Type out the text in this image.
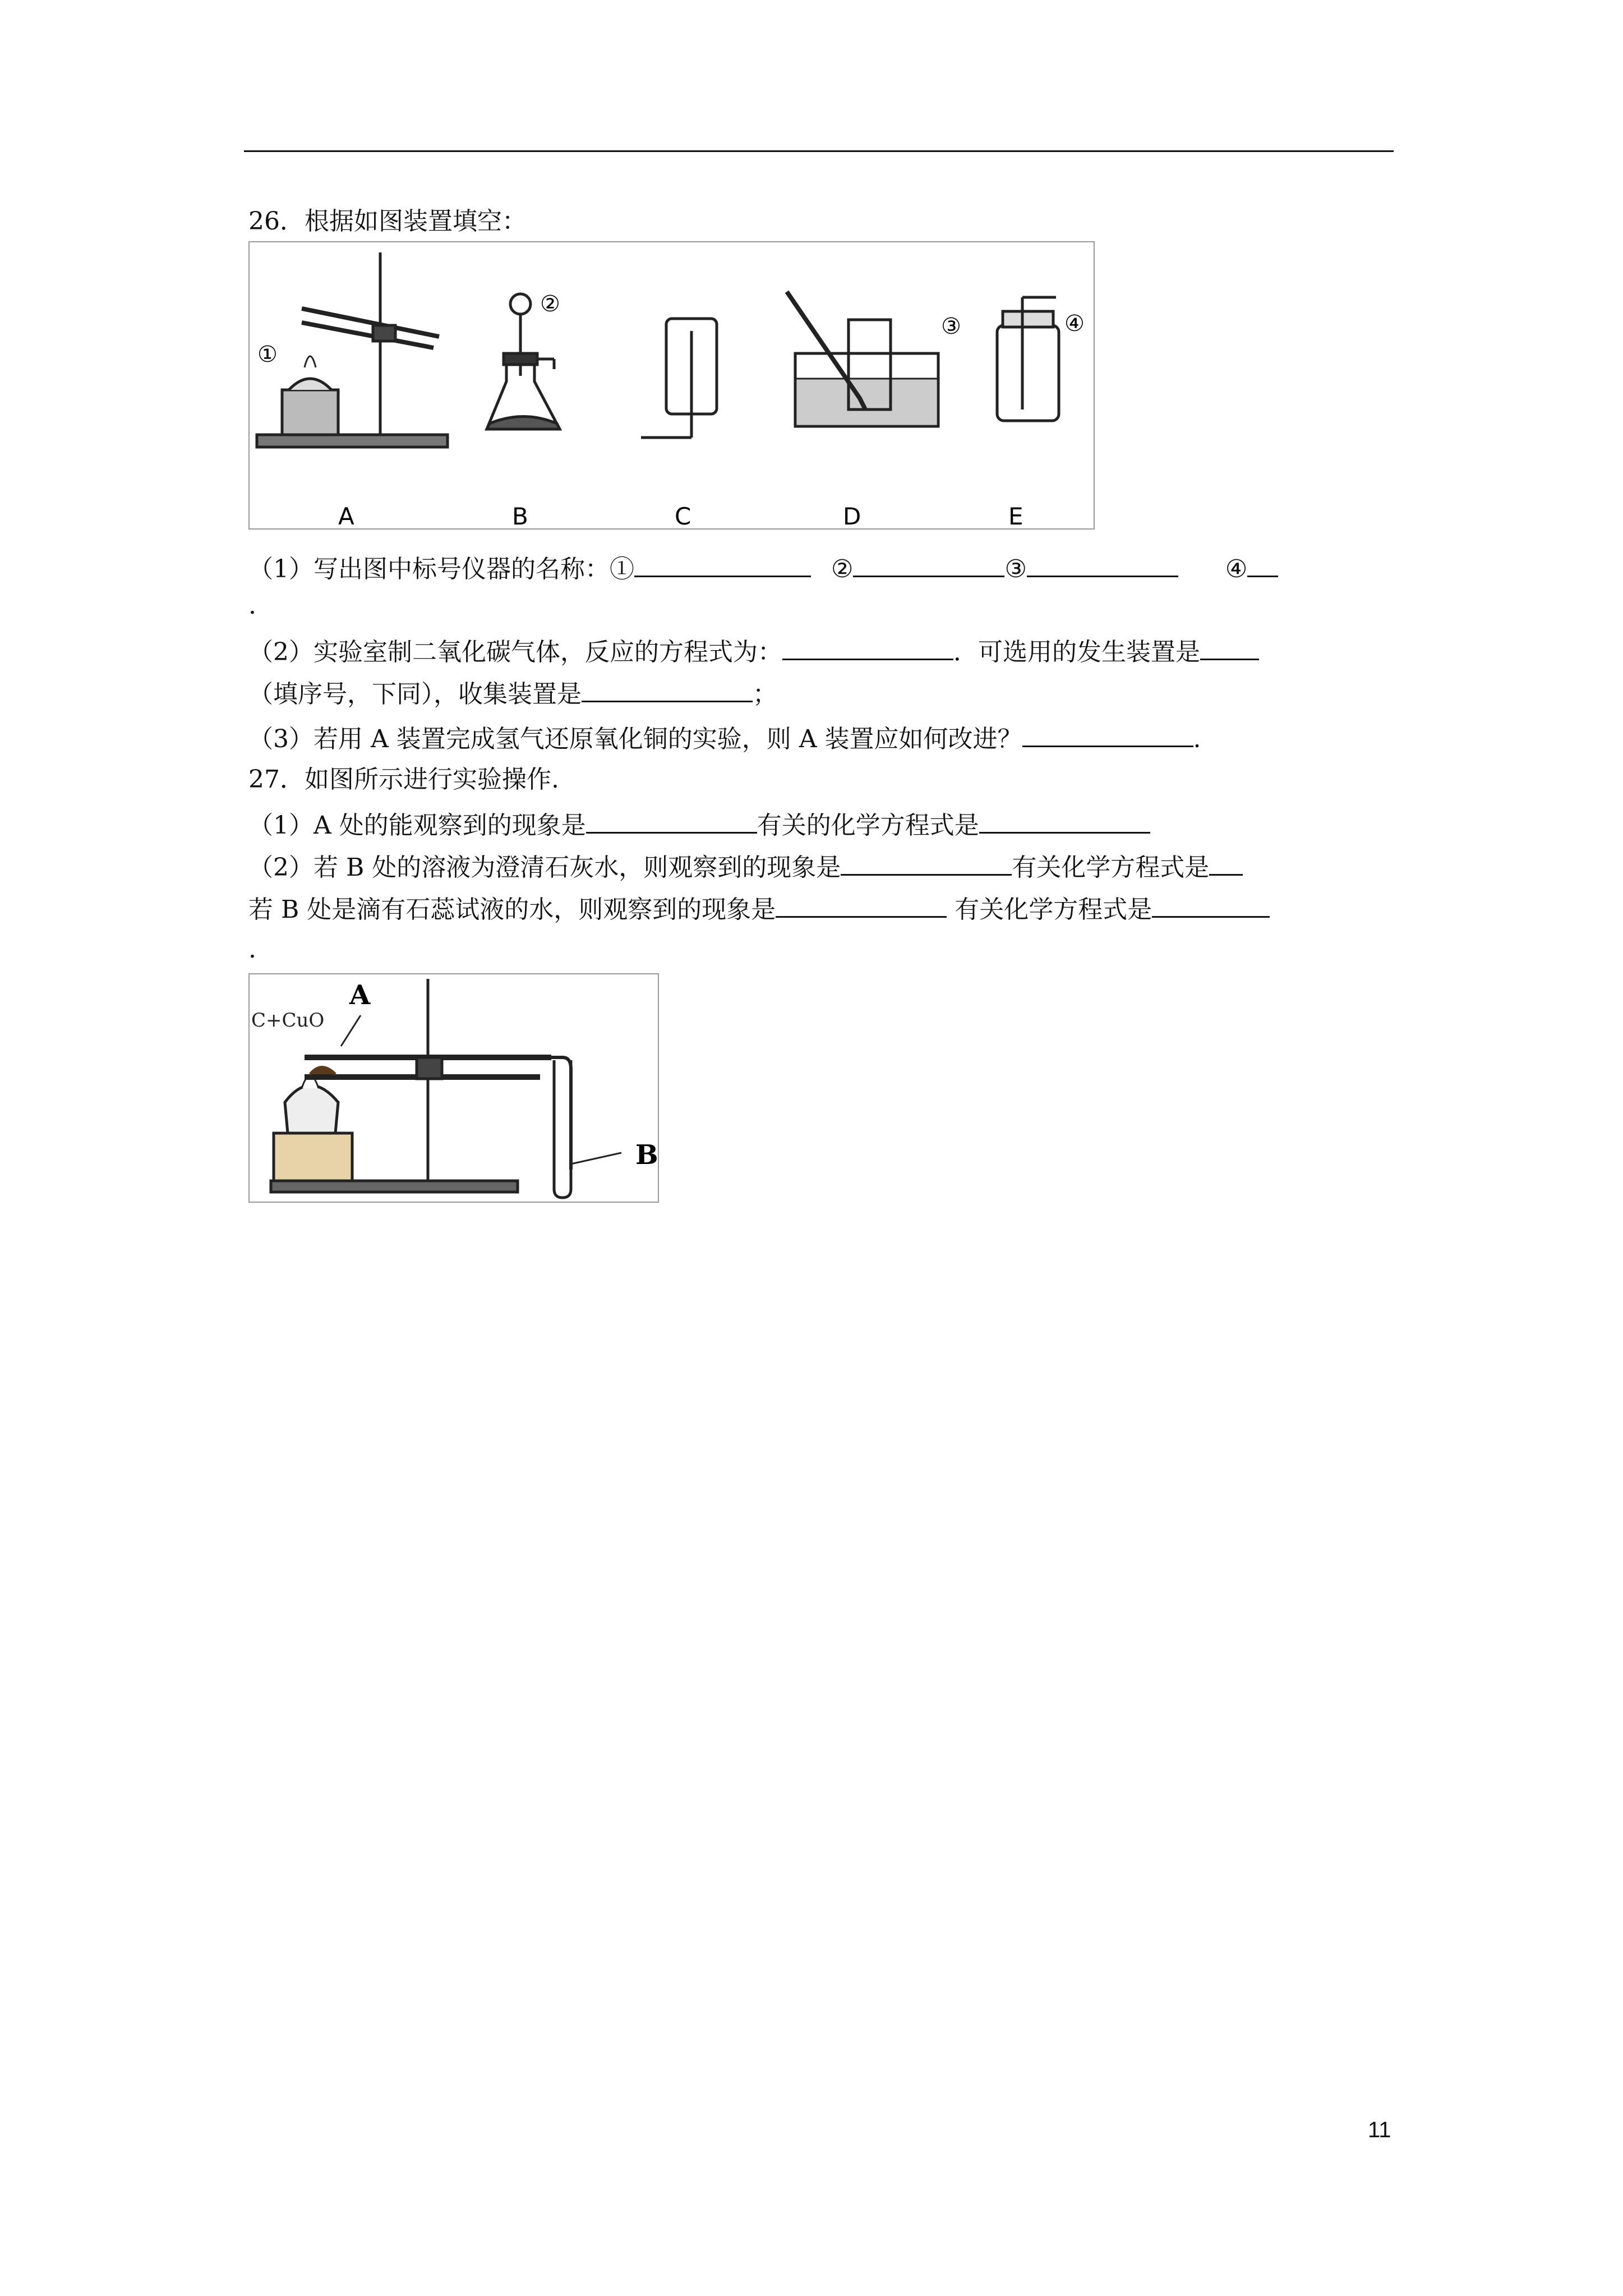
26．根据如图装置填空：
①
②
③	④
A	B	C	D	E
（1）写出图中标号仪器的名称：①	②	③	④
.
（2）实验室制二氧化碳气体，反应的方程式为：	．可选用的发生装置是
（填序号，下同），收集装置是	；
（3）若用 A 装置完成氢气还原氧化铜的实验，则 A 装置应如何改进？	.
27．如图所示进行实验操作.
（1）A 处的能观察到的现象是	有关的化学方程式是
（2）若 B 处的溶液为澄清石灰水，则观察到的现象是	有关化学方程式是
若 B 处是滴有石蕊试液的水，则观察到的现象是	有关化学方程式是
.
C+CuO
A
B
11
